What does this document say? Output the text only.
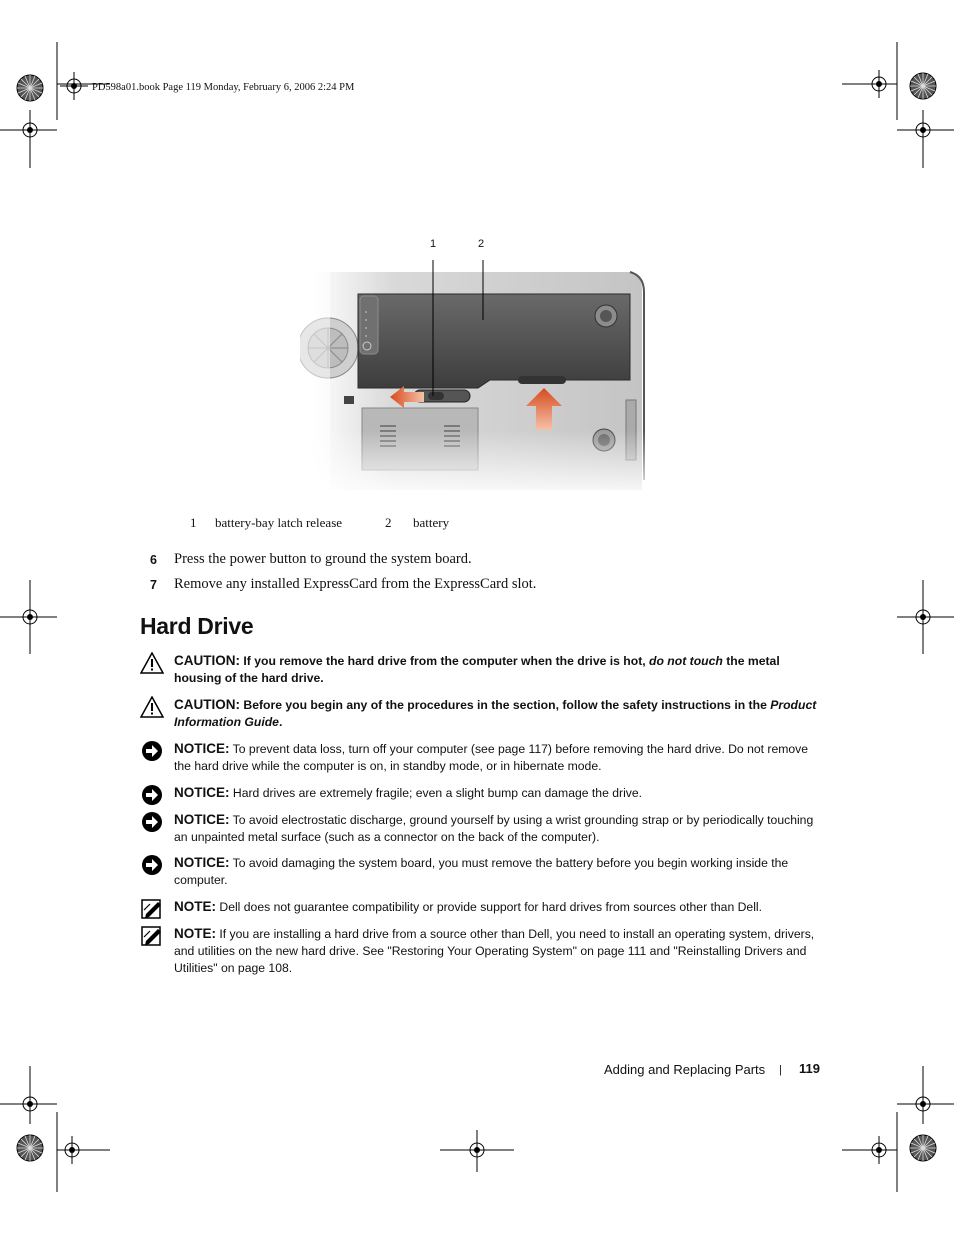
PD598a01.book Page 119 Monday, February 6, 2006 2:24 PM
1	2
1 battery-bay latch release	2 battery
6 Press the power button to ground the system board.
7 Remove any installed ExpressCard from the ExpressCard slot.
Hard Drive
CAUTION: If you remove the hard drive from the computer when the drive is hot, do not touch the metal housing of the hard drive.
CAUTION: Before you begin any of the procedures in the section, follow the safety instructions in the Product Information Guide.
NOTICE: To prevent data loss, turn off your computer (see page 117) before removing the hard drive. Do not remove the hard drive while the computer is on, in standby mode, or in hibernate mode.
NOTICE: Hard drives are extremely fragile; even a slight bump can damage the drive.
NOTICE: To avoid electrostatic discharge, ground yourself by using a wrist grounding strap or by periodically touching an unpainted metal surface (such as a connector on the back of the computer).
NOTICE: To avoid damaging the system board, you must remove the battery before you begin working inside the computer.
NOTE: Dell does not guarantee compatibility or provide support for hard drives from sources other than Dell.
NOTE: If you are installing a hard drive from a source other than Dell, you need to install an operating system, drivers, and utilities on the new hard drive. See "Restoring Your Operating System" on page 111 and "Reinstalling Drivers and Utilities" on page 108.
Adding and Replacing Parts | 119
